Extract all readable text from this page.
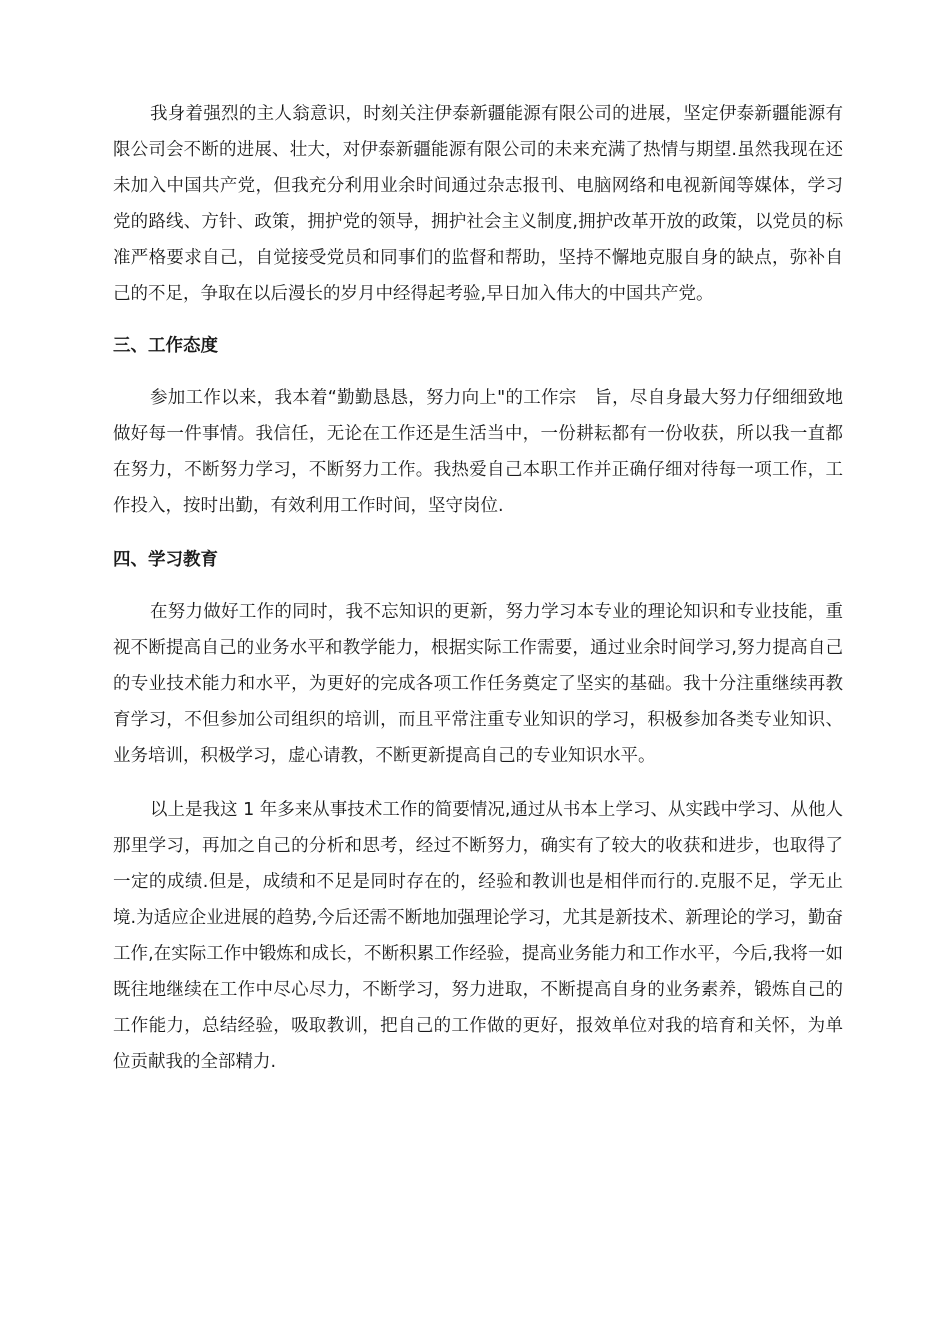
我身着强烈的主人翁意识，时刻关注伊泰新疆能源有限公司的进展，坚定伊泰新疆能源有限公司会不断的进展、壮大，对伊泰新疆能源有限公司的未来充满了热情与期望.虽然我现在还未加入中国共产党，但我充分利用业余时间通过杂志报刊、电脑网络和电视新闻等媒体，学习党的路线、方针、政策，拥护党的领导，拥护社会主义制度,拥护改革开放的政策，以党员的标准严格要求自己，自觉接受党员和同事们的监督和帮助，坚持不懈地克服自身的缺点，弥补自己的不足，争取在以后漫长的岁月中经得起考验,早日加入伟大的中国共产党。

三、工作态度

参加工作以来，我本着“勤勤恳恳，努力向上"的工作宗　旨，尽自身最大努力仔细细致地做好每一件事情。我信任，无论在工作还是生活当中，一份耕耘都有一份收获，所以我一直都在努力，不断努力学习，不断努力工作。我热爱自己本职工作并正确仔细对待每一项工作，工作投入，按时出勤，有效利用工作时间，坚守岗位.

四、学习教育

在努力做好工作的同时，我不忘知识的更新，努力学习本专业的理论知识和专业技能，重视不断提高自己的业务水平和教学能力，根据实际工作需要，通过业余时间学习,努力提高自己的专业技术能力和水平，为更好的完成各项工作任务奠定了坚实的基础。我十分注重继续再教育学习，不但参加公司组织的培训，而且平常注重专业知识的学习，积极参加各类专业知识、业务培训，积极学习，虚心请教，不断更新提高自己的专业知识水平。

以上是我这 1 年多来从事技术工作的简要情况,通过从书本上学习、从实践中学习、从他人那里学习，再加之自己的分析和思考，经过不断努力，确实有了较大的收获和进步，也取得了一定的成绩.但是，成绩和不足是同时存在的，经验和教训也是相伴而行的.克服不足，学无止境.为适应企业进展的趋势,今后还需不断地加强理论学习，尤其是新技术、新理论的学习，勤奋工作,在实际工作中锻炼和成长，不断积累工作经验，提高业务能力和工作水平，今后,我将一如既往地继续在工作中尽心尽力，不断学习，努力进取，不断提高自身的业务素养，锻炼自己的工作能力，总结经验，吸取教训，把自己的工作做的更好，报效单位对我的培育和关怀，为单位贡献我的全部精力.
